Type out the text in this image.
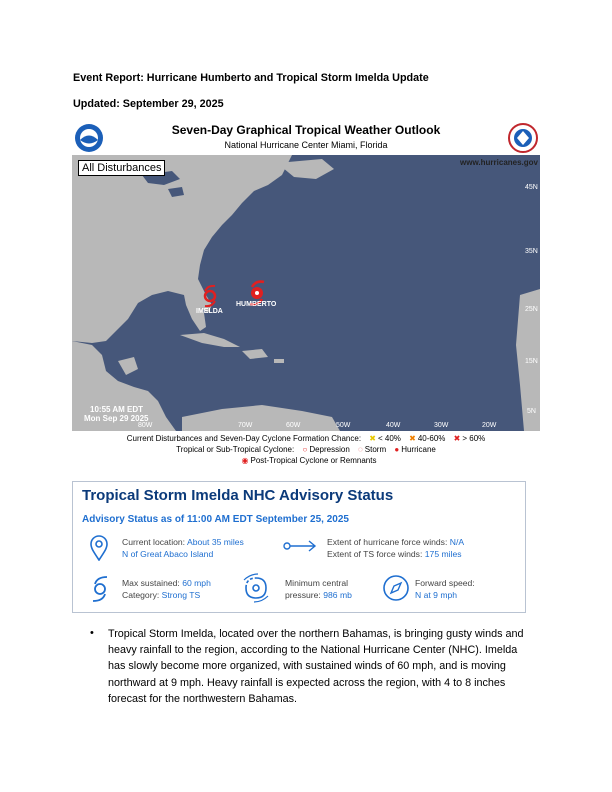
Event Report: Hurricane Humberto and Tropical Storm Imelda Update
Updated: September 29, 2025
Seven-Day Graphical Tropical Weather Outlook
National Hurricane Center Miami, Florida
All Disturbances	www.hurricanes.gov
45N
35N
25N
15N
5N
80W	70W	60W	50W	40W	30W	20W
10:55 AM EDT
Mon Sep 29 2025
IMELDA
HUMBERTO
Current Disturbances and Seven-Day Cyclone Formation Chance: ✖ < 40% ✖ 40-60% ✖ > 60%
Tropical or Sub-Tropical Cyclone: ○ Depression ◌ Storm ● Hurricane
◉ Post-Tropical Cyclone or Remnants
Tropical Storm Imelda NHC Advisory Status
Advisory Status as of 11:00 AM EDT September 25, 2025
Current location: About 35 miles
N of Great Abaco Island
Extent of hurricane force winds: N/A
Extent of TS force winds: 175 miles
Max sustained: 60 mph
Category: Strong TS
Minimum central
pressure: 986 mb
Forward speed:
N at 9 mph
• Tropical Storm Imelda, located over the northern Bahamas, is bringing gusty winds and heavy rainfall to the region, according to the National Hurricane Center (NHC). Imelda has slowly become more organized, with sustained winds of 60 mph, and is moving northward at 9 mph. Heavy rainfall is expected across the region, with 4 to 8 inches forecast for the northwestern Bahamas.
